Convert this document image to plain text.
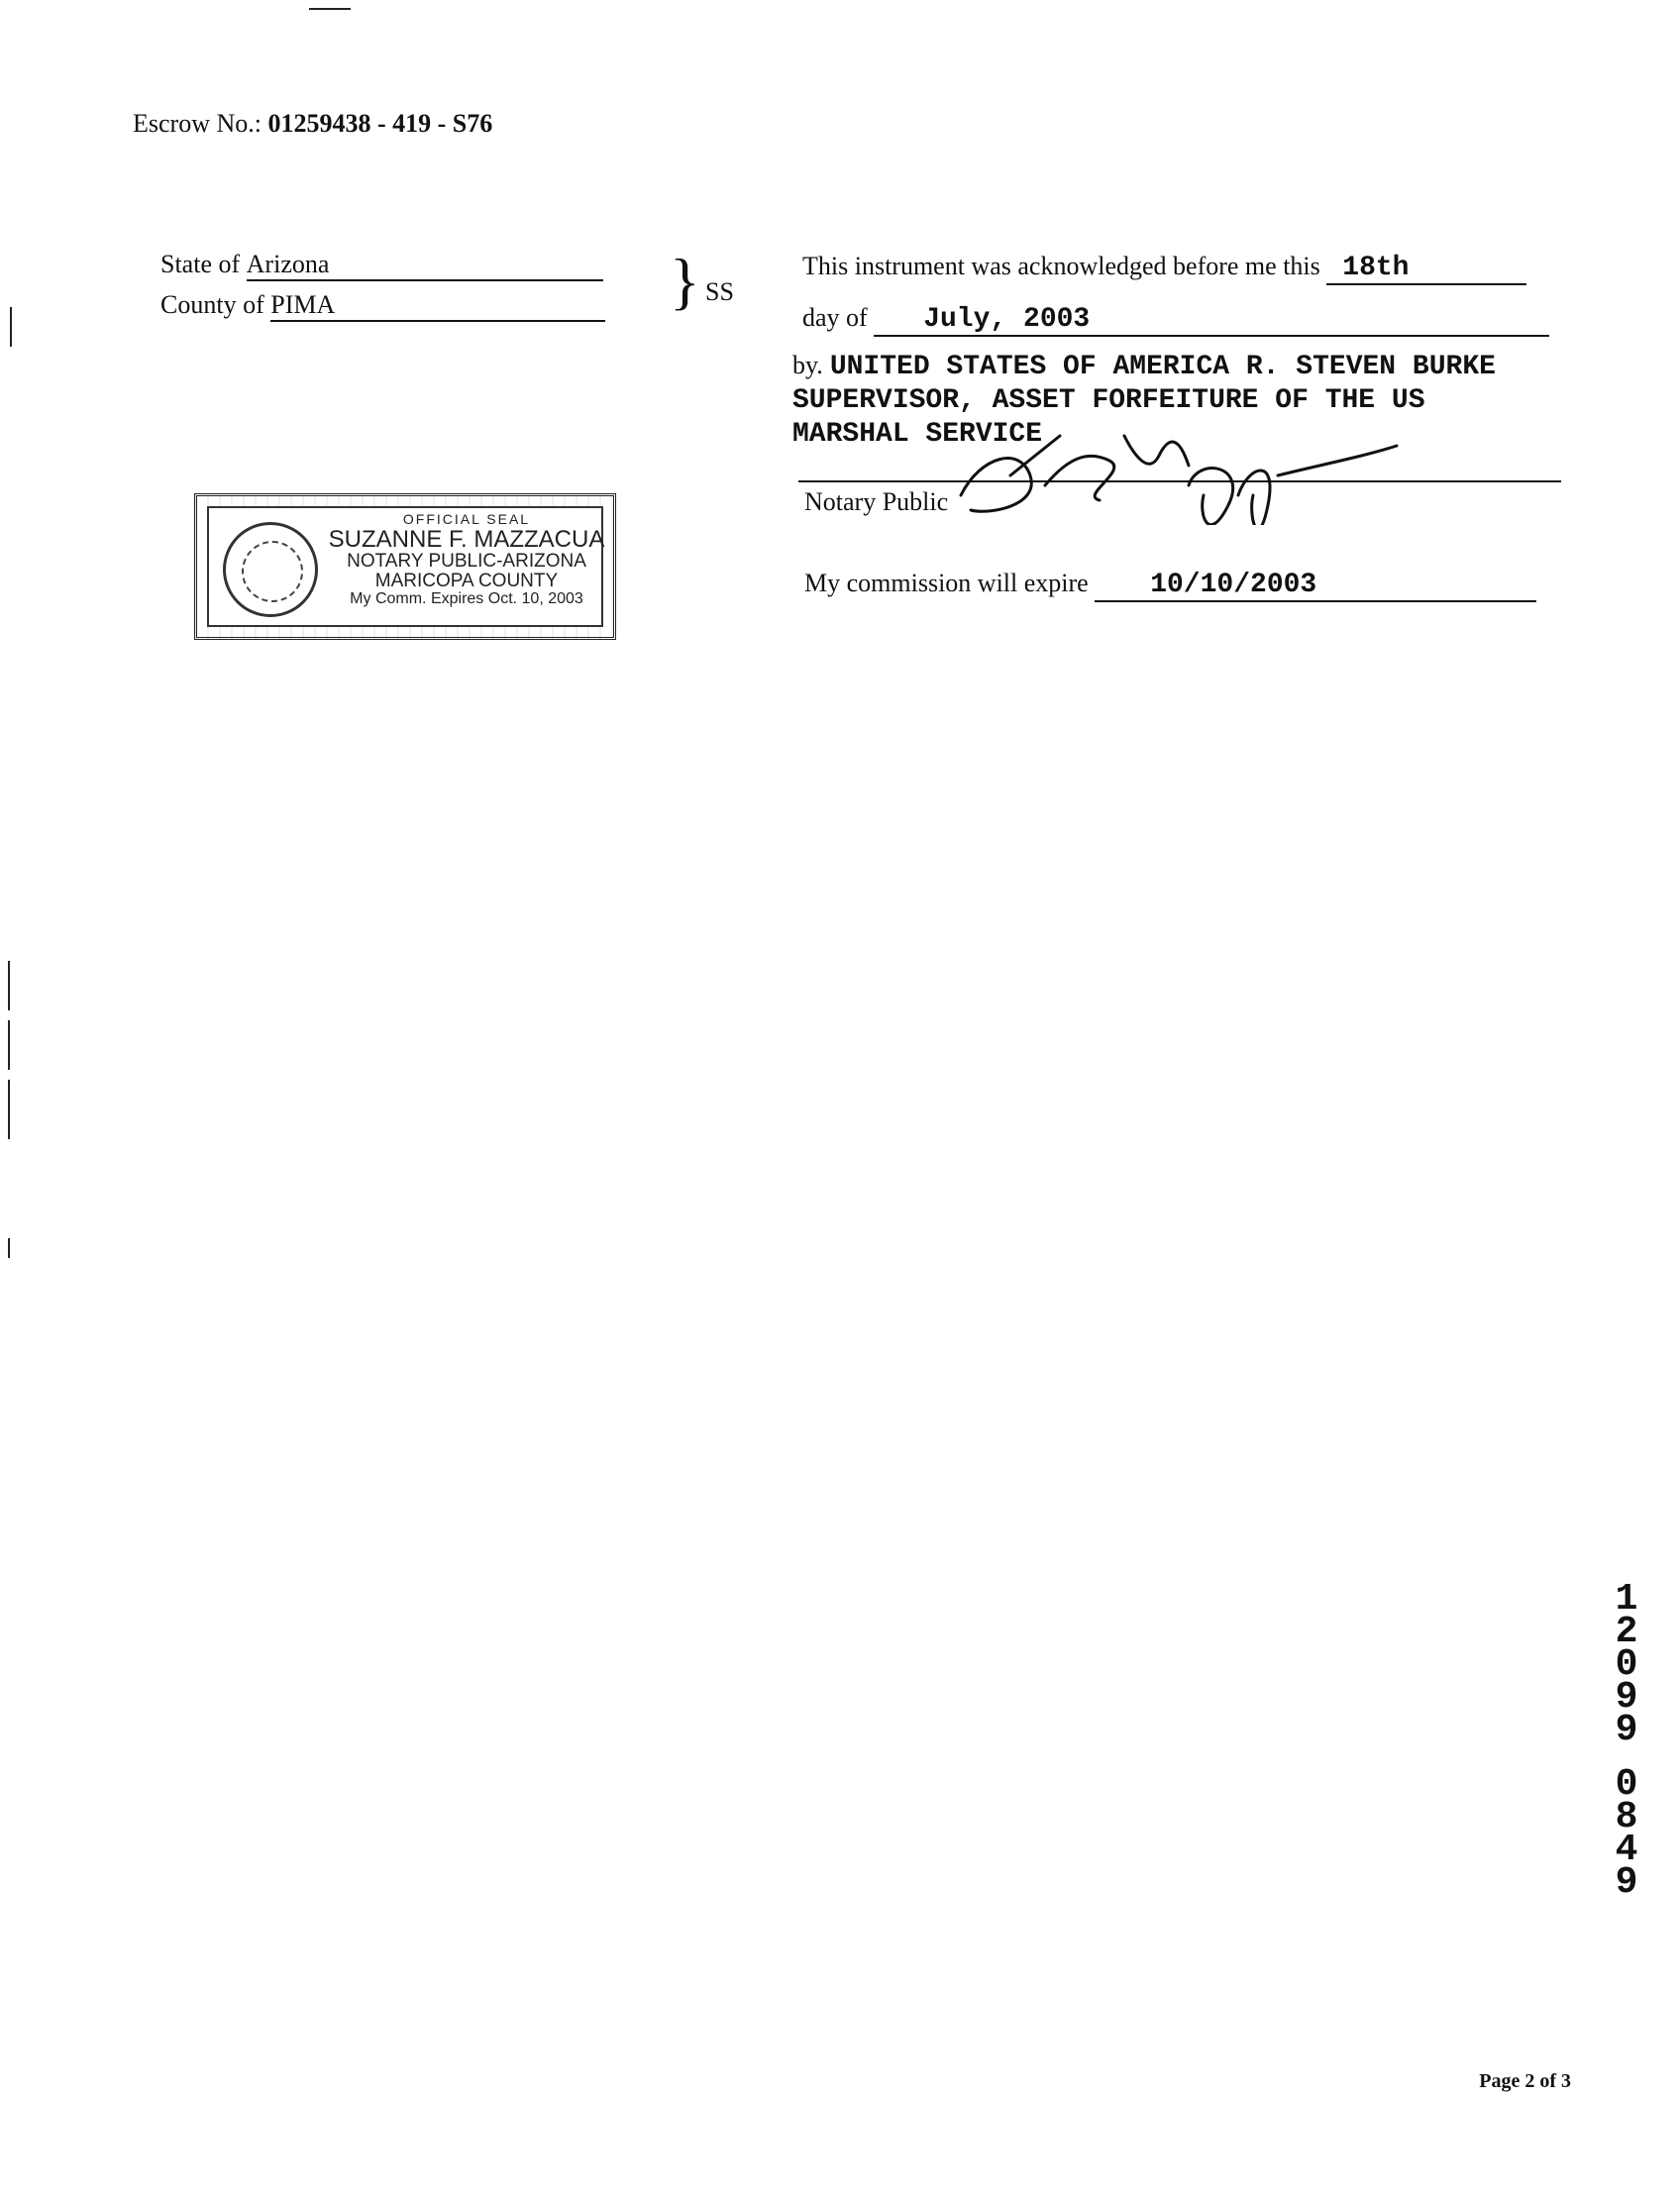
Escrow No.: 01259438 - 419 - S76
State of Arizona
County of PIMA	} SS
This instrument was acknowledged before me this 18th
day of July, 2003
by. UNITED STATES OF AMERICA R. STEVEN BURKE
SUPERVISOR, ASSET FORFEITURE OF THE US
MARSHAL SERVICE
Notary Public
My commission will expire 10/10/2003
OFFICIAL SEAL
SUZANNE F. MAZZACUA
NOTARY PUBLIC-ARIZONA
MARICOPA COUNTY
My Comm. Expires Oct. 10, 2003
1
2
0
9
9
0
8
4
9
Page 2 of 3
